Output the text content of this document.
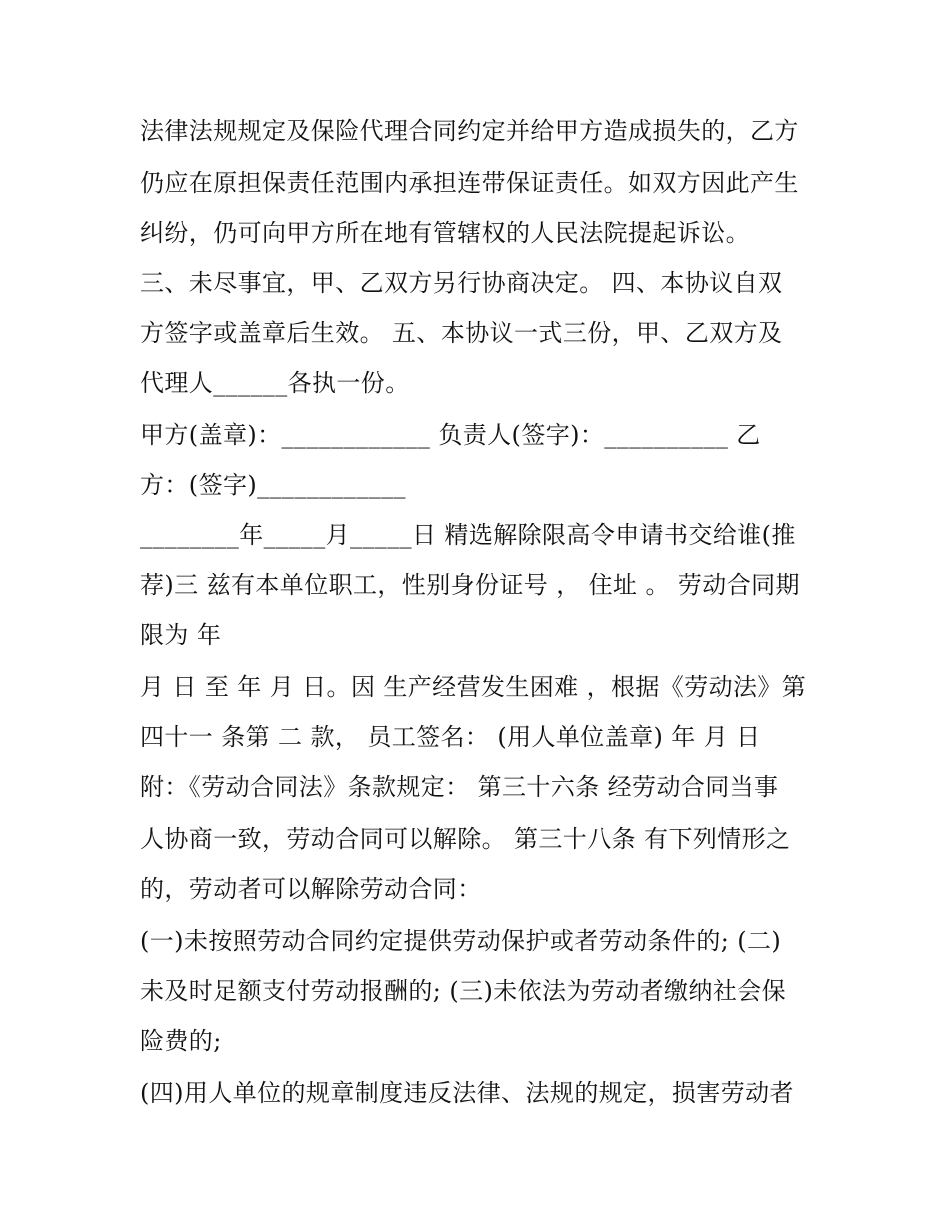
法律法规规定及保险代理合同约定并给甲方造成损失的，乙方
仍应在原担保责任范围内承担连带保证责任。如双方因此产生
纠纷，仍可向甲方所在地有管辖权的人民法院提起诉讼。
三、未尽事宜，甲、乙双方另行协商决定。 四、本协议自双
方签字或盖章后生效。 五、本协议一式三份，甲、乙双方及
代理人______各执一份。
甲方(盖章)：____________ 负责人(签字)：__________ 乙
方：(签字)____________
________年_____月_____日 精选解除限高令申请书交给谁(推
荐)三 兹有本单位职工，性别身份证号 ， 住址 。 劳动合同期
限为 年
月 日 至 年 月 日。因 生产经营发生困难 ，根据《劳动法》第
四十一 条第 二 款， 员工签名： (用人单位盖章) 年 月 日
附：《劳动合同法》条款规定： 第三十六条 经劳动合同当事
人协商一致，劳动合同可以解除。 第三十八条 有下列情形之
的，劳动者可以解除劳动合同：
(一)未按照劳动合同约定提供劳动保护或者劳动条件的; (二)
未及时足额支付劳动报酬的; (三)未依法为劳动者缴纳社会保
险费的;
(四)用人单位的规章制度违反法律、法规的规定，损害劳动者
